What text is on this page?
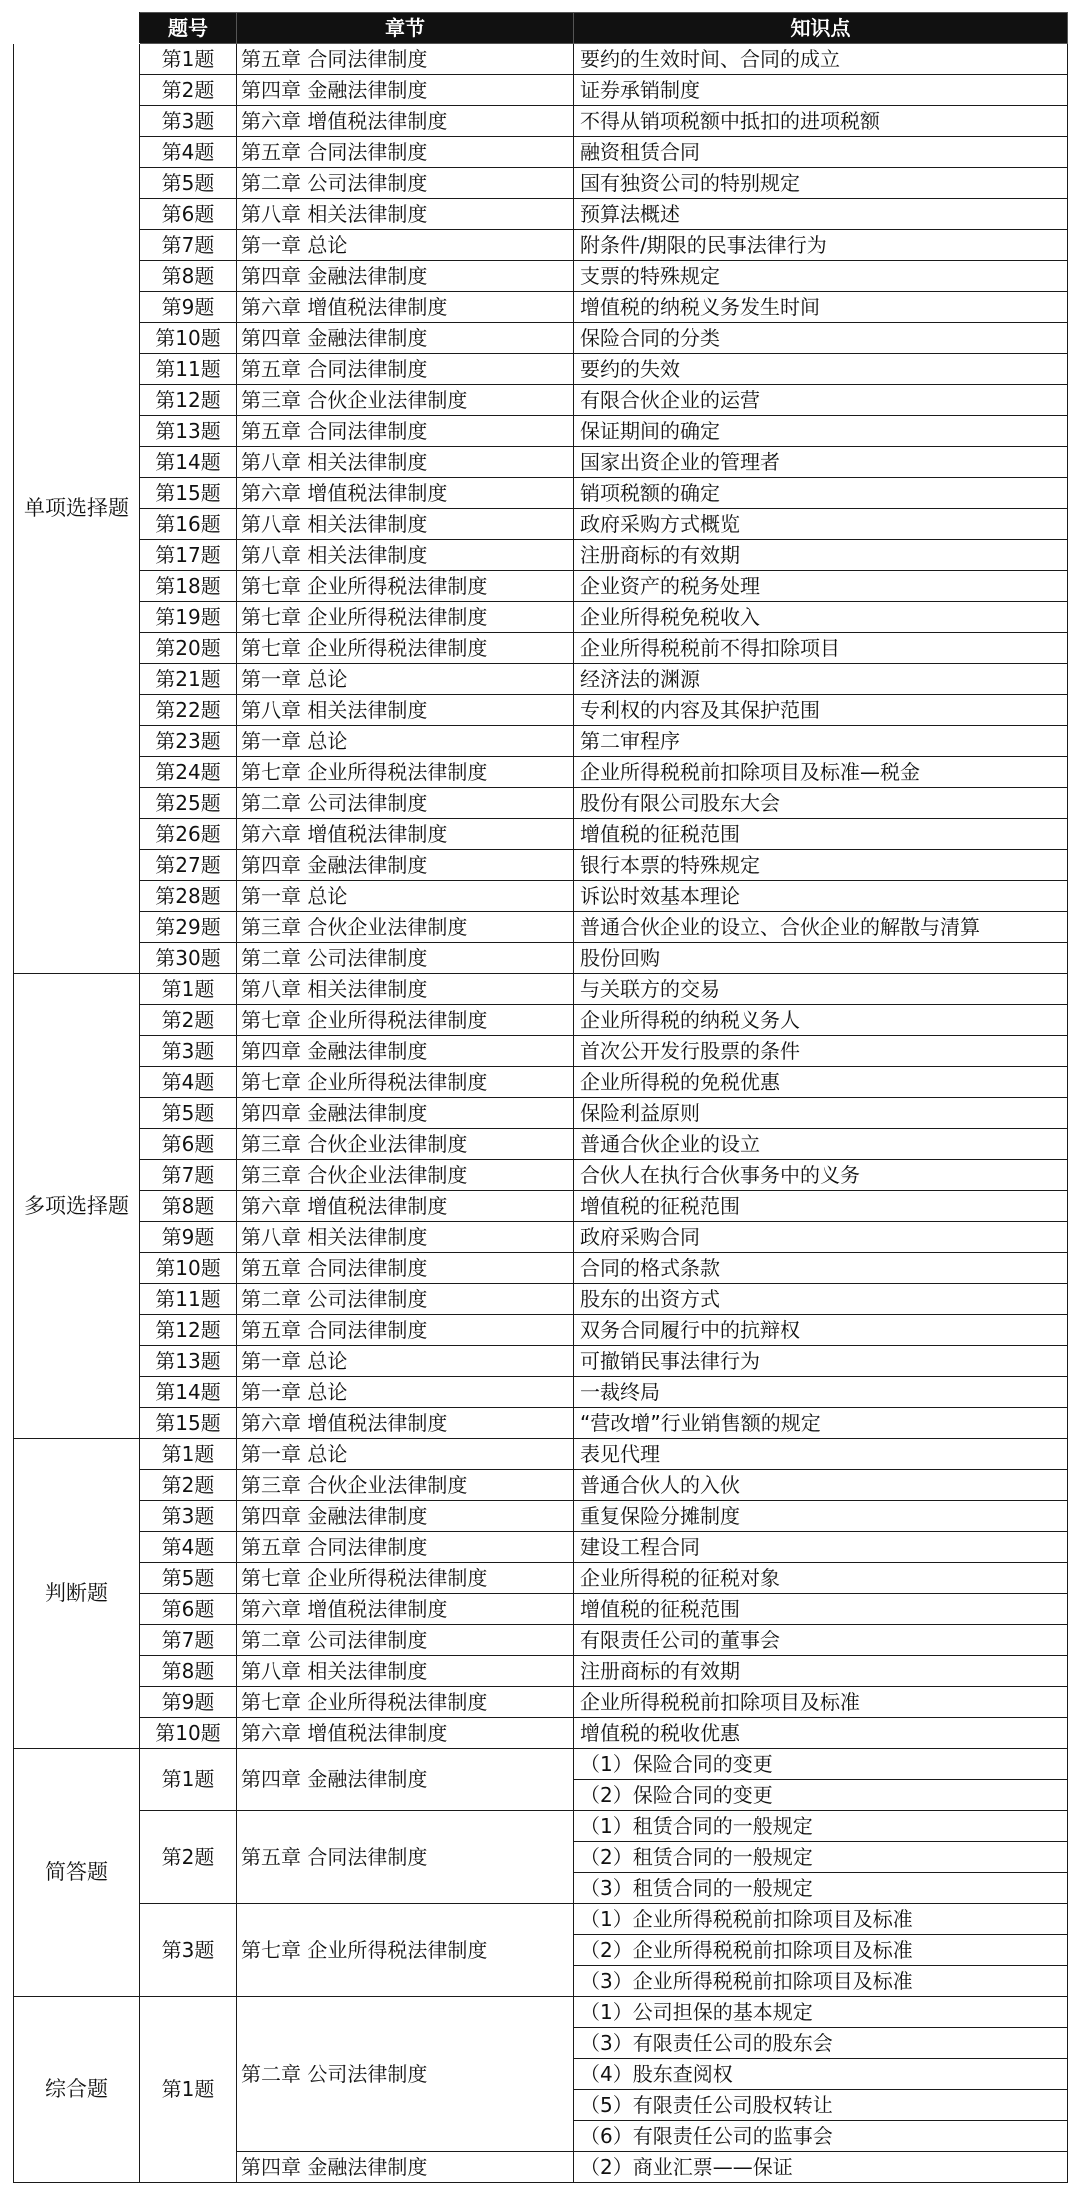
	题号	章节	知识点
单项选择题	第1题	第五章 合同法律制度	要约的生效时间、合同的成立
	第2题	第四章 金融法律制度	证券承销制度
	第3题	第六章 增值税法律制度	不得从销项税额中抵扣的进项税额
	第4题	第五章 合同法律制度	融资租赁合同
	第5题	第二章 公司法律制度	国有独资公司的特别规定
	第6题	第八章 相关法律制度	预算法概述
	第7题	第一章 总论	附条件/期限的民事法律行为
	第8题	第四章 金融法律制度	支票的特殊规定
	第9题	第六章 增值税法律制度	增值税的纳税义务发生时间
	第10题	第四章 金融法律制度	保险合同的分类
	第11题	第五章 合同法律制度	要约的失效
	第12题	第三章 合伙企业法律制度	有限合伙企业的运营
	第13题	第五章 合同法律制度	保证期间的确定
	第14题	第八章 相关法律制度	国家出资企业的管理者
	第15题	第六章 增值税法律制度	销项税额的确定
	第16题	第八章 相关法律制度	政府采购方式概览
	第17题	第八章 相关法律制度	注册商标的有效期
	第18题	第七章 企业所得税法律制度	企业资产的税务处理
	第19题	第七章 企业所得税法律制度	企业所得税免税收入
	第20题	第七章 企业所得税法律制度	企业所得税税前不得扣除项目
	第21题	第一章 总论	经济法的渊源
	第22题	第八章 相关法律制度	专利权的内容及其保护范围
	第23题	第一章 总论	第二审程序
	第24题	第七章 企业所得税法律制度	企业所得税税前扣除项目及标准—税金
	第25题	第二章 公司法律制度	股份有限公司股东大会
	第26题	第六章 增值税法律制度	增值税的征税范围
	第27题	第四章 金融法律制度	银行本票的特殊规定
	第28题	第一章 总论	诉讼时效基本理论
	第29题	第三章 合伙企业法律制度	普通合伙企业的设立、合伙企业的解散与清算
	第30题	第二章 公司法律制度	股份回购
多项选择题	第1题	第八章 相关法律制度	与关联方的交易
	第2题	第七章 企业所得税法律制度	企业所得税的纳税义务人
	第3题	第四章 金融法律制度	首次公开发行股票的条件
	第4题	第七章 企业所得税法律制度	企业所得税的免税优惠
	第5题	第四章 金融法律制度	保险利益原则
	第6题	第三章 合伙企业法律制度	普通合伙企业的设立
	第7题	第三章 合伙企业法律制度	合伙人在执行合伙事务中的义务
	第8题	第六章 增值税法律制度	增值税的征税范围
	第9题	第八章 相关法律制度	政府采购合同
	第10题	第五章 合同法律制度	合同的格式条款
	第11题	第二章 公司法律制度	股东的出资方式
	第12题	第五章 合同法律制度	双务合同履行中的抗辩权
	第13题	第一章 总论	可撤销民事法律行为
	第14题	第一章 总论	一裁终局
	第15题	第六章 增值税法律制度	“营改增”行业销售额的规定
判断题	第1题	第一章 总论	表见代理
	第2题	第三章 合伙企业法律制度	普通合伙人的入伙
	第3题	第四章 金融法律制度	重复保险分摊制度
	第4题	第五章 合同法律制度	建设工程合同
	第5题	第七章 企业所得税法律制度	企业所得税的征税对象
	第6题	第六章 增值税法律制度	增值税的征税范围
	第7题	第二章 公司法律制度	有限责任公司的董事会
	第8题	第八章 相关法律制度	注册商标的有效期
	第9题	第七章 企业所得税法律制度	企业所得税税前扣除项目及标准
	第10题	第六章 增值税法律制度	增值税的税收优惠
简答题	第1题	第四章 金融法律制度	（1）保险合同的变更
			（2）保险合同的变更
	第2题	第五章 合同法律制度	（1）租赁合同的一般规定
			（2）租赁合同的一般规定
			（3）租赁合同的一般规定
	第3题	第七章 企业所得税法律制度	（1）企业所得税税前扣除项目及标准
			（2）企业所得税税前扣除项目及标准
			（3）企业所得税税前扣除项目及标准
综合题	第1题	第二章 公司法律制度	（1）公司担保的基本规定
			（3）有限责任公司的股东会
			（4）股东查阅权
			（5）有限责任公司股权转让
			（6）有限责任公司的监事会
		第四章 金融法律制度	（2）商业汇票——保证
